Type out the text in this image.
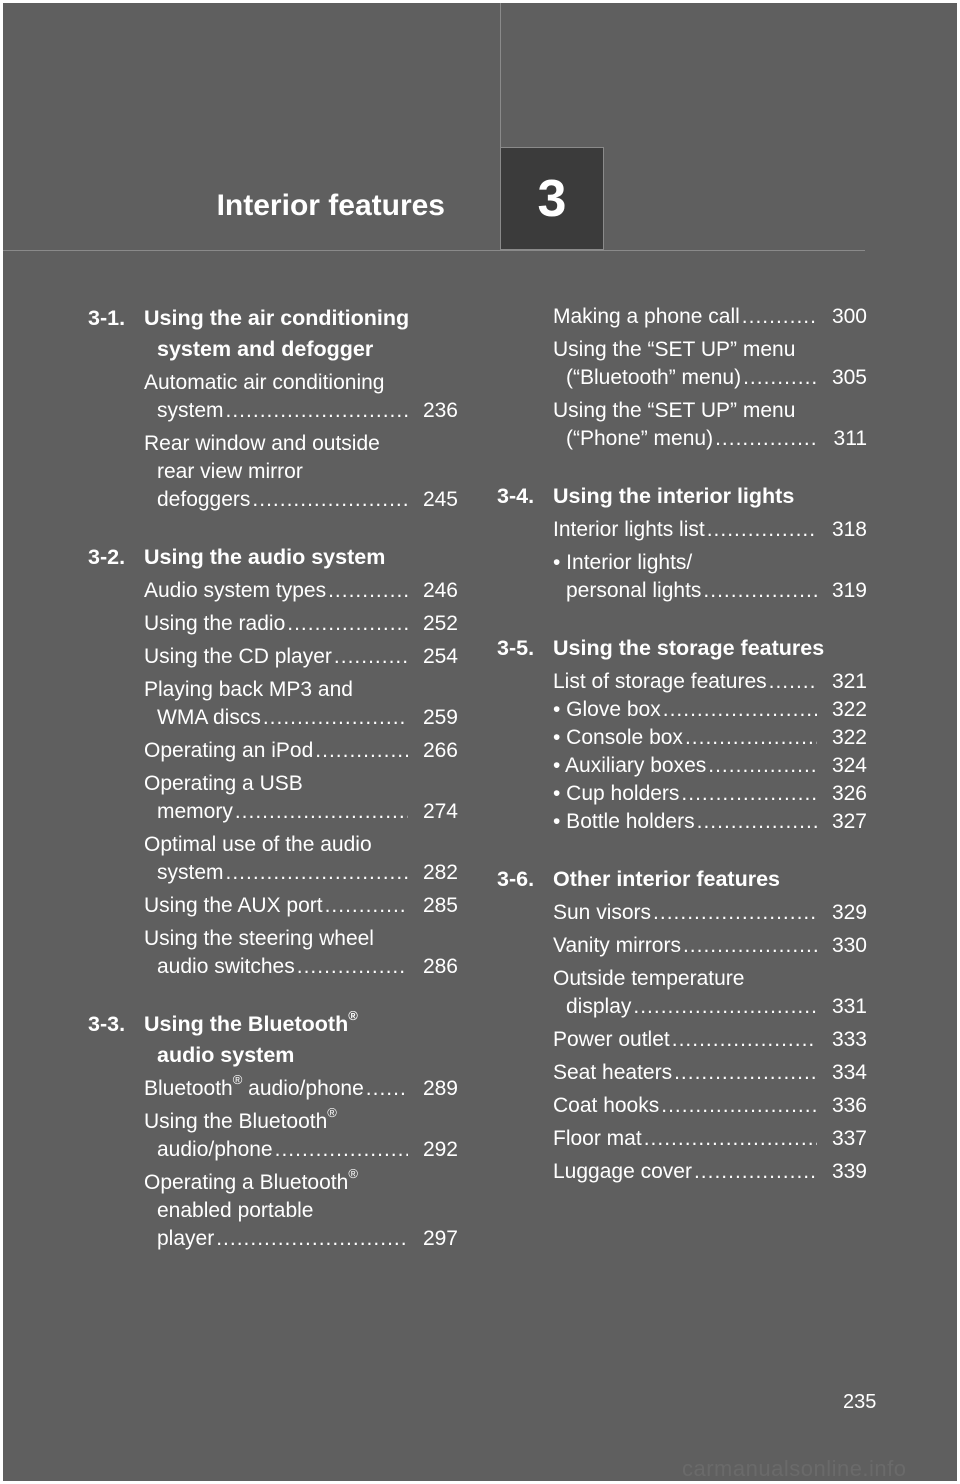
Interior features 3
3-1. Using the air conditioning
system and defogger
Automatic air conditioning
system .....	236
Rear window and outside
rear view mirror
defoggers .....	245
3-2. Using the audio system
Audio system types .....	246
Using the radio .....	252
Using the CD player .....	254
Playing back MP3 and
WMA discs .....	259
Operating an iPod .....	266
Operating a USB
memory .....	274
Optimal use of the audio
system .....	282
Using the AUX port .....	285
Using the steering wheel
audio switches .....	286
3-3. Using the Bluetooth®
audio system
Bluetooth® audio/phone .....	289
Using the Bluetooth®
audio/phone .....	292
Operating a Bluetooth®
enabled portable
player .....	297
Making a phone call .....	300
Using the “SET UP” menu
(“Bluetooth” menu) .....	305
Using the “SET UP” menu
(“Phone” menu) .....	311
3-4. Using the interior lights
Interior lights list .....	318
• Interior lights/
personal lights .....	319
3-5. Using the storage features
List of storage features .....	321
• Glove box .....	322
• Console box .....	322
• Auxiliary boxes .....	324
• Cup holders .....	326
• Bottle holders .....	327
3-6. Other interior features
Sun visors .....	329
Vanity mirrors .....	330
Outside temperature
display .....	331
Power outlet .....	333
Seat heaters .....	334
Coat hooks .....	336
Floor mat .....	337
Luggage cover .....	339
235
carmanualsonline.info
